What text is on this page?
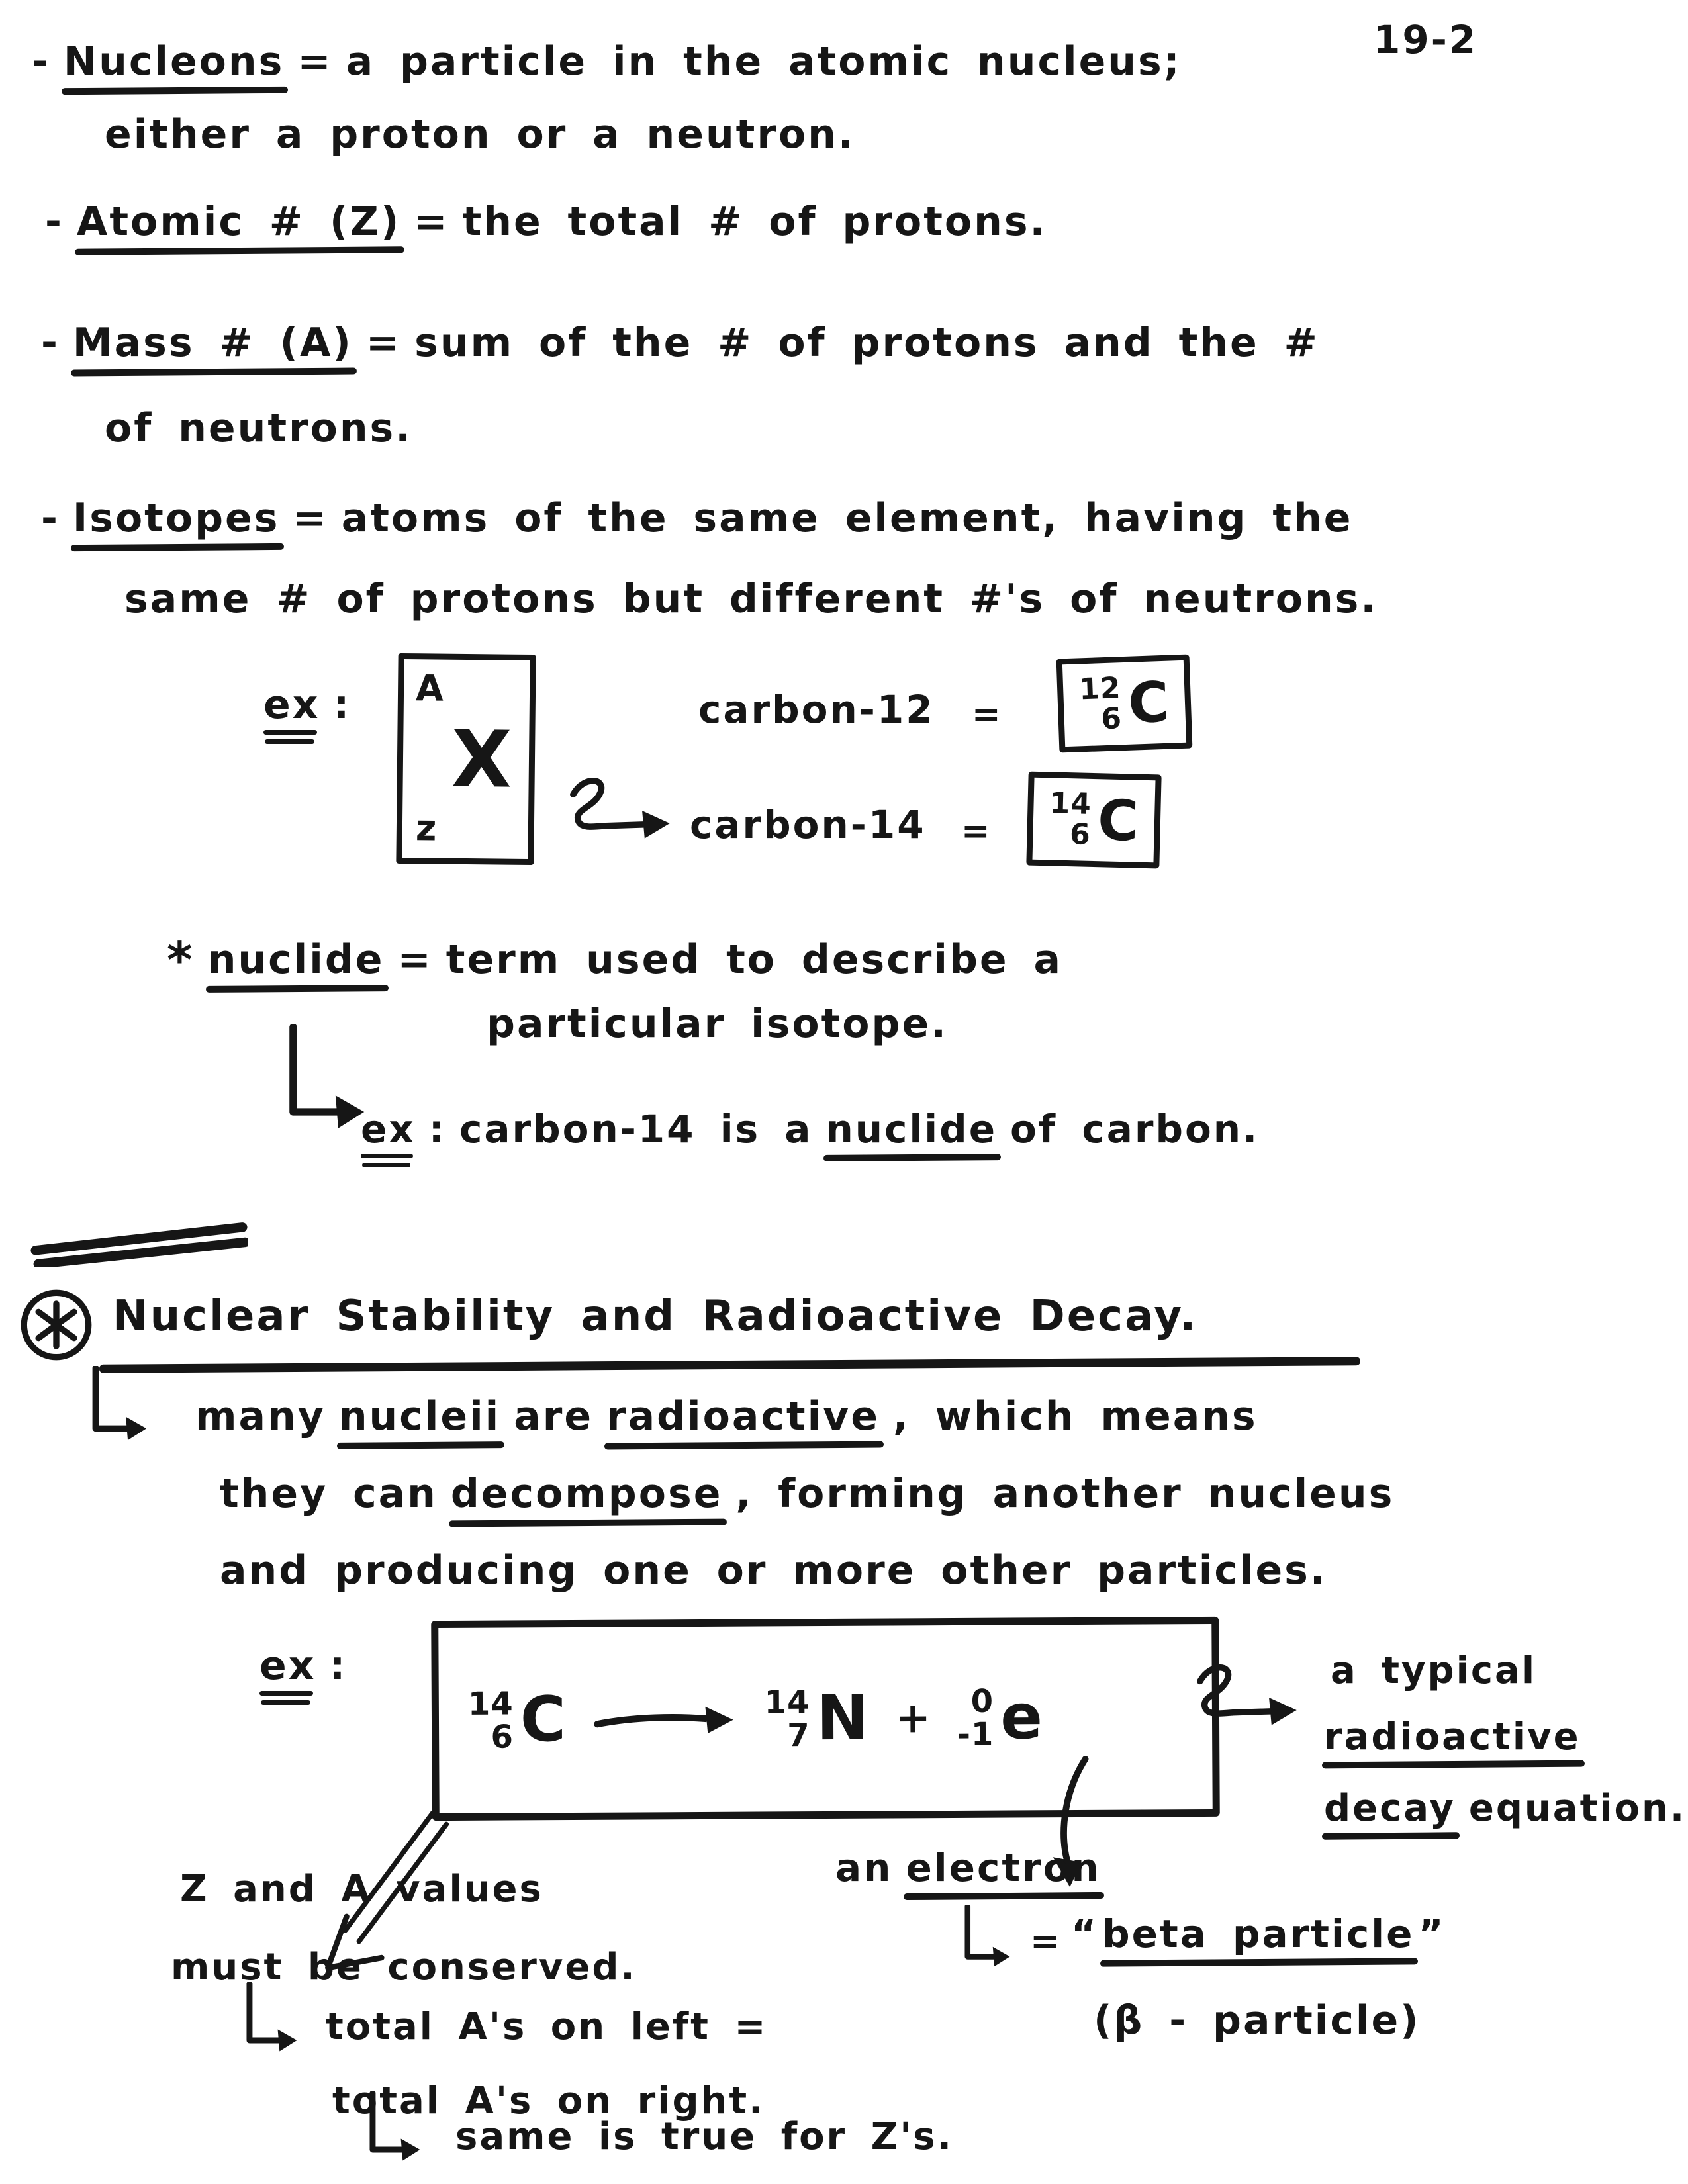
19-2
- Nucleons = a particle in the atomic nucleus;
either a proton or a neutron.
- Atomic # (Z) = the total # of protons.
- Mass # (A) = sum of the # of protons and the #
of neutrons.
- Isotopes = atoms of the same element, having the
same # of protons but different #'s of neutrons.
ex : A
z
X
carbon-12 =
12
6 C
carbon-14 =
14
6 C
* nuclide = term used to describe a
particular isotope.
ex : carbon-14 is a nuclide of carbon.
Nuclear Stability and Radioactive Decay.
many nucleii are radioactive , which means
they can decompose , forming another nucleus
and producing one or more other particles.
ex :
14
6 C	14
7 N + 0
-1 e
a typical
radioactive
decay equation.
an electron
Z and A values
must be conserved.
total A's on left =
total A's on right.
same is true for Z's.
= “ beta particle ”
(β - particle)
